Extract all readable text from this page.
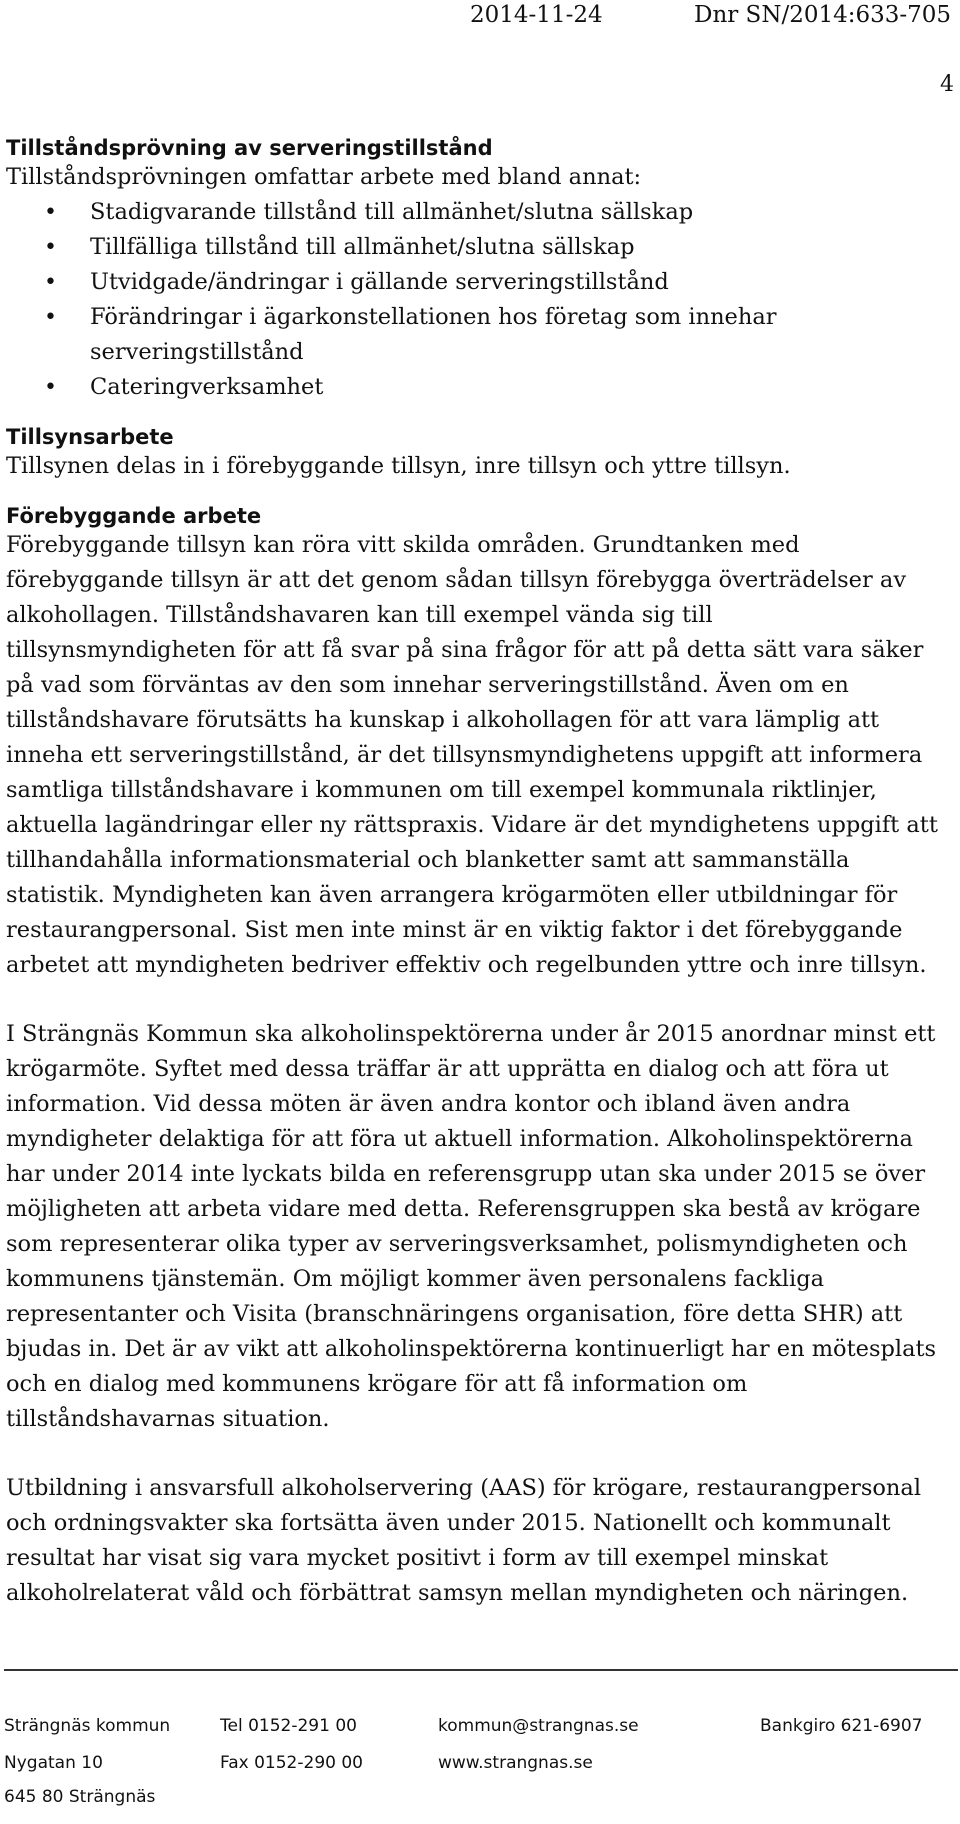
2014-11-24	Dnr SN/2014:633-705
4
Tillståndsprövning av serveringstillstånd

Tillståndsprövningen omfattar arbete med bland annat:

• Stadigvarande tillstånd till allmänhet/slutna sällskap
• Tillfälliga tillstånd till allmänhet/slutna sällskap
• Utvidgade/ändringar i gällande serveringstillstånd
• Förändringar i ägarkonstellationen hos företag som innehar
serveringstillstånd
• Cateringverksamhet
Tillsynsarbete

Tillsynen delas in i förebyggande tillsyn, inre tillsyn och yttre tillsyn.

Förebyggande arbete

Förebyggande tillsyn kan röra vitt skilda områden. Grundtanken med
förebyggande tillsyn är att det genom sådan tillsyn förebygga överträdelser av
alkohollagen. Tillståndshavaren kan till exempel vända sig till
tillsynsmyndigheten för att få svar på sina frågor för att på detta sätt vara säker
på vad som förväntas av den som innehar serveringstillstånd. Även om en
tillståndshavare förutsätts ha kunskap i alkohollagen för att vara lämplig att
inneha ett serveringstillstånd, är det tillsynsmyndighetens uppgift att informera
samtliga tillståndshavare i kommunen om till exempel kommunala riktlinjer,
aktuella lagändringar eller ny rättspraxis. Vidare är det myndighetens uppgift att
tillhandahålla informationsmaterial och blanketter samt att sammanställa
statistik. Myndigheten kan även arrangera krögarmöten eller utbildningar för
restaurangpersonal. Sist men inte minst är en viktig faktor i det förebyggande
arbetet att myndigheten bedriver effektiv och regelbunden yttre och inre tillsyn.

I Strängnäs Kommun ska alkoholinspektörerna under år 2015 anordnar minst ett
krögarmöte. Syftet med dessa träffar är att upprätta en dialog och att föra ut
information. Vid dessa möten är även andra kontor och ibland även andra
myndigheter delaktiga för att föra ut aktuell information. Alkoholinspektörerna
har under 2014 inte lyckats bilda en referensgrupp utan ska under 2015 se över
möjligheten att arbeta vidare med detta. Referensgruppen ska bestå av krögare
som representerar olika typer av serveringsverksamhet, polismyndigheten och
kommunens tjänstemän. Om möjligt kommer även personalens fackliga
representanter och Visita (branschnäringens organisation, före detta SHR) att
bjudas in. Det är av vikt att alkoholinspektörerna kontinuerligt har en mötesplats
och en dialog med kommunens krögare för att få information om
tillståndshavarnas situation.

Utbildning i ansvarsfull alkoholservering (AAS) för krögare, restaurangpersonal
och ordningsvakter ska fortsätta även under 2015. Nationellt och kommunalt
resultat har visat sig vara mycket positivt i form av till exempel minskat
alkoholrelaterat våld och förbättrat samsyn mellan myndigheten och näringen.

Strängnäs kommun	Tel 0152-291 00	kommun@strangnas.se	Bankgiro 621-6907
Nygatan 10	Fax 0152-290 00	www.strangnas.se
645 80 Strängnäs
